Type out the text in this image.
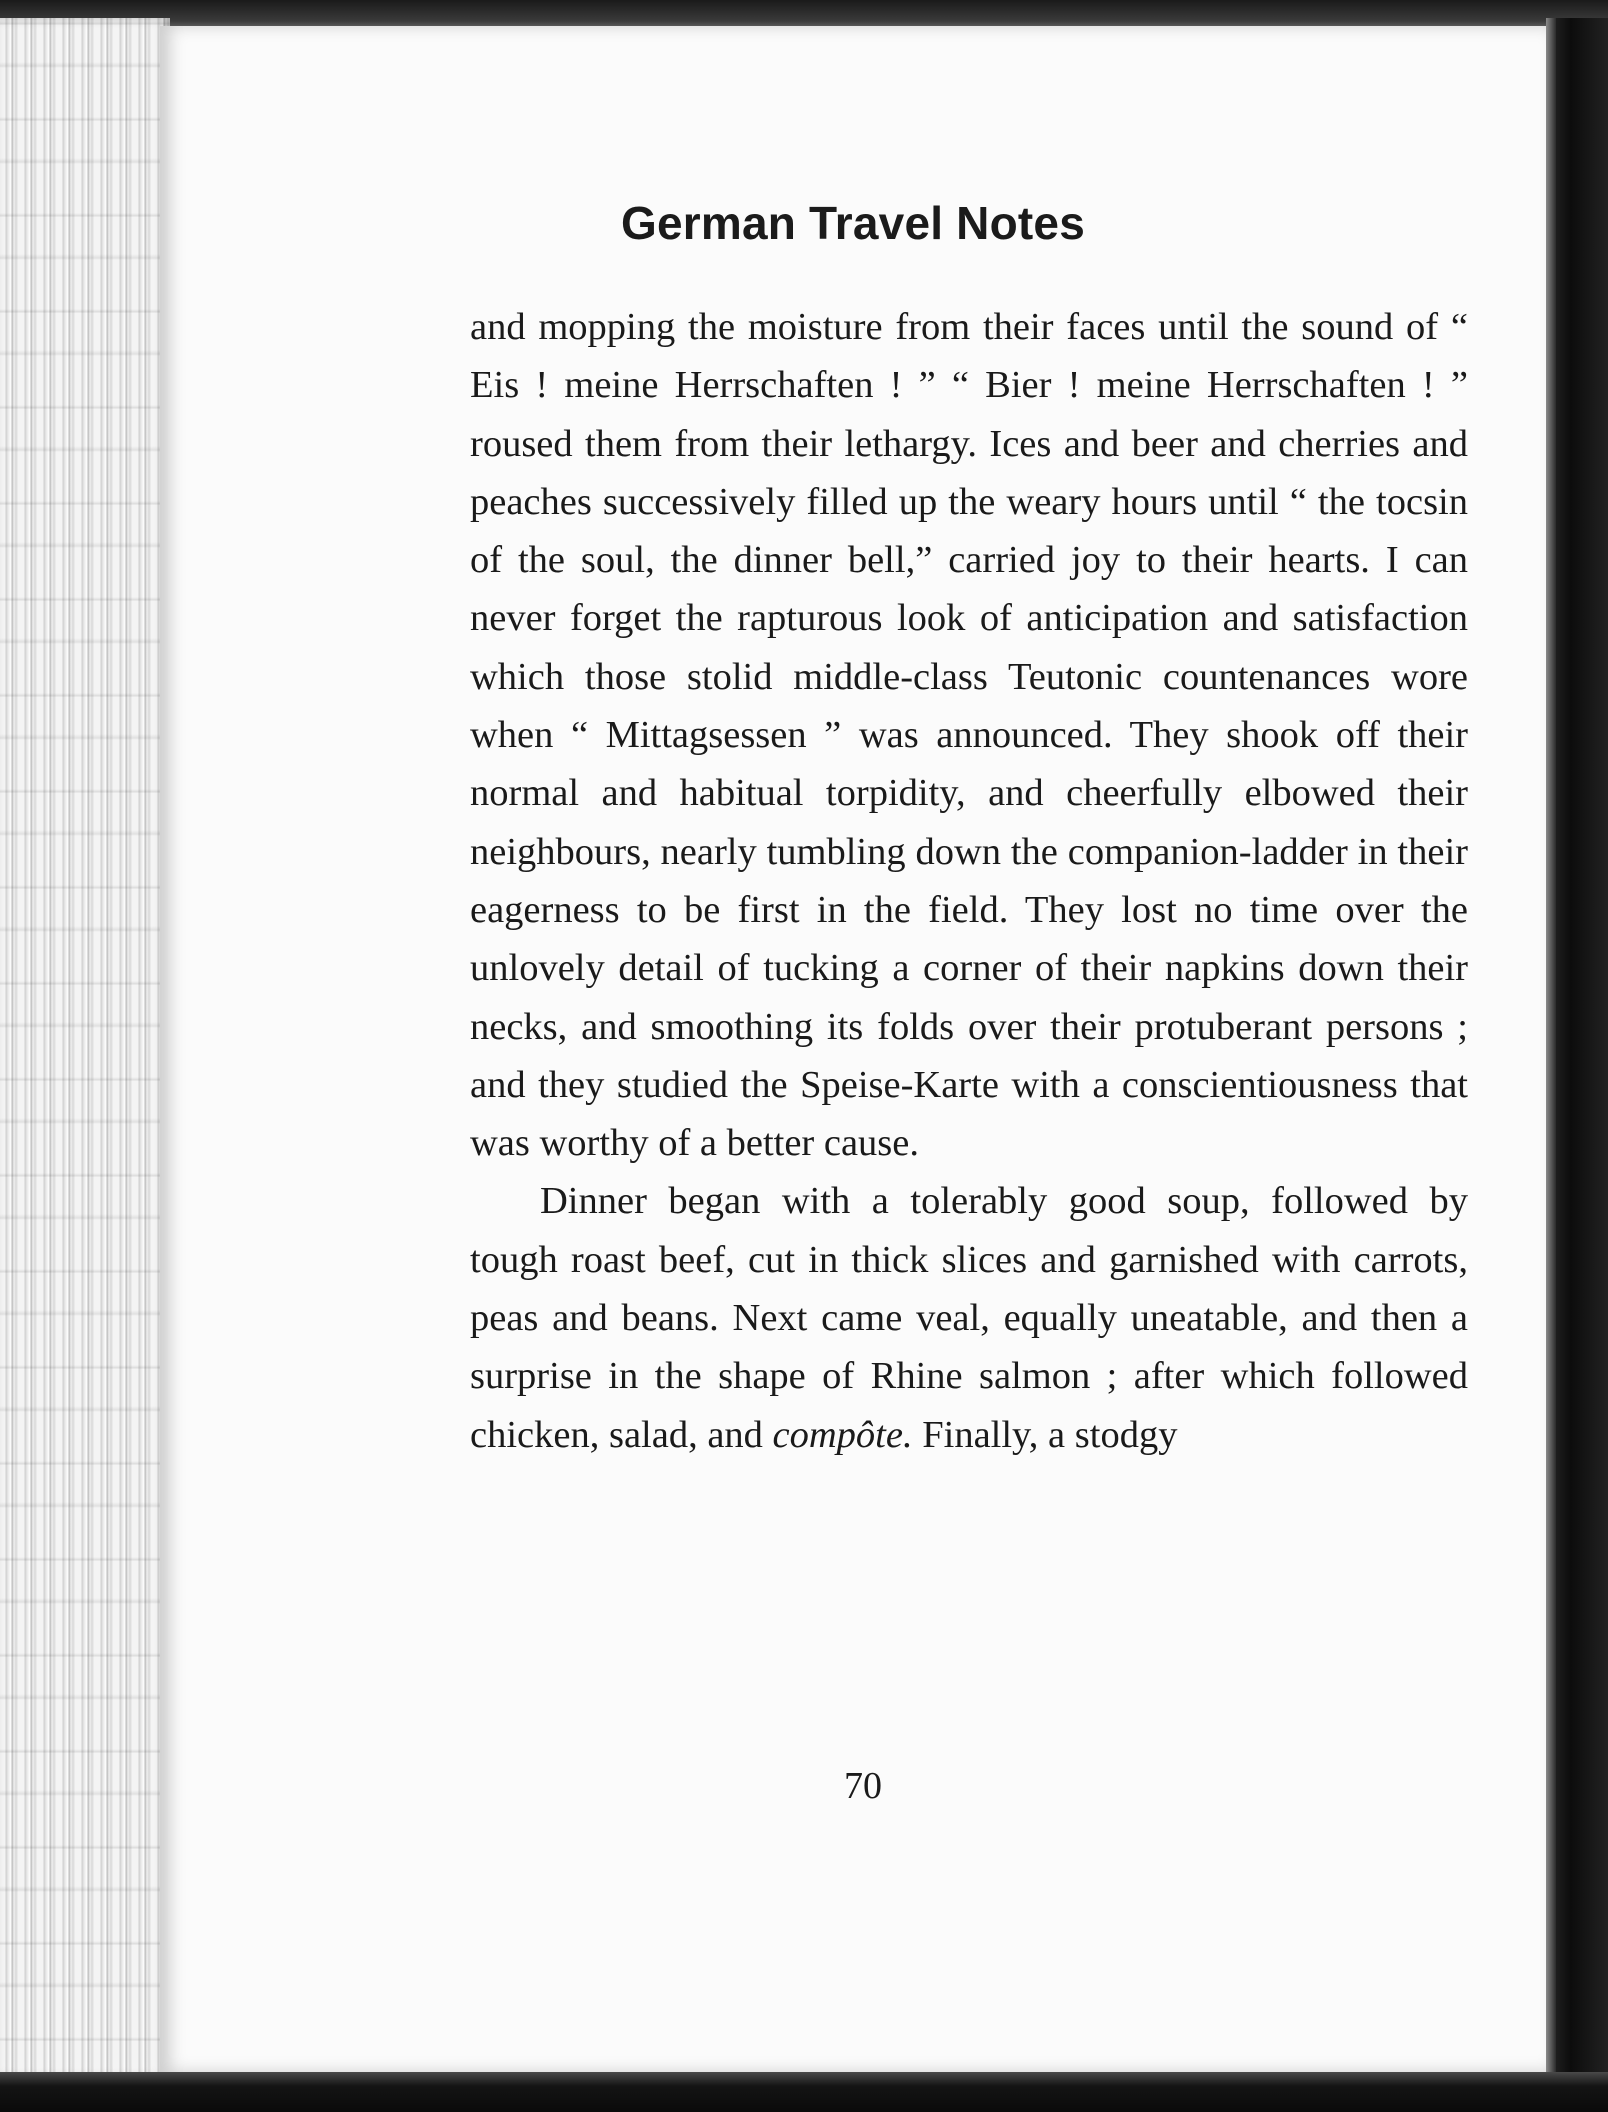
German Travel Notes

and mopping the moisture from their faces until the sound of “ Eis ! meine Herrschaften ! ” “ Bier ! meine Herrschaften ! ” roused them from their lethargy. Ices and beer and cherries and peaches successively filled up the weary hours until “ the tocsin of the soul, the dinner bell,” carried joy to their hearts. I can never forget the rapturous look of anticipation and satisfaction which those stolid middle-class Teutonic countenances wore when “ Mittagsessen ” was announced. They shook off their normal and habitual torpidity, and cheerfully elbowed their neighbours, nearly tumbling down the companion-ladder in their eagerness to be first in the field. They lost no time over the unlovely detail of tucking a corner of their napkins down their necks, and smoothing its folds over their protuberant persons ; and they studied the Speise-Karte with a conscientiousness that was worthy of a better cause.

Dinner began with a tolerably good soup, followed by tough roast beef, cut in thick slices and garnished with carrots, peas and beans. Next came veal, equally uneatable, and then a surprise in the shape of Rhine salmon ; after which followed chicken, salad, and compôte. Finally, a stodgy

70
